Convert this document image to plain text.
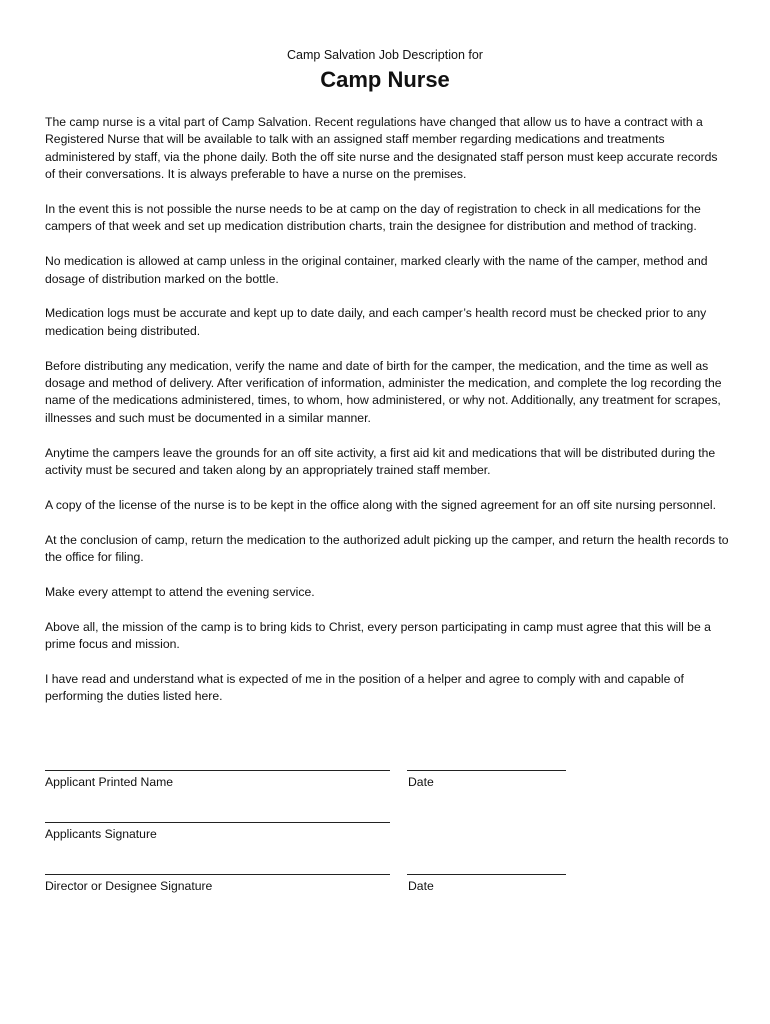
Camp Salvation Job Description for
Camp Nurse

The camp nurse is a vital part of Camp Salvation. Recent regulations have changed that allow us to have a contract with a Registered Nurse that will be available to talk with an assigned staff member regarding medications and treatments administered by staff, via the phone daily. Both the off site nurse and the designated staff person must keep accurate records of their conversations. It is always preferable to have a nurse on the premises.

In the event this is not possible the nurse needs to be at camp on the day of registration to check in all medications for the campers of that week and set up medication distribution charts, train the designee for distribution and method of tracking.

No medication is allowed at camp unless in the original container, marked clearly with the name of the camper, method and dosage of distribution marked on the bottle.

Medication logs must be accurate and kept up to date daily, and each camper’s health record must be checked prior to any medication being distributed.

Before distributing any medication, verify the name and date of birth for the camper, the medication, and the time as well as dosage and method of delivery. After verification of information, administer the medication, and complete the log recording the name of the medications administered, times, to whom, how administered, or why not. Additionally, any treatment for scrapes, illnesses and such must be documented in a similar manner.

Anytime the campers leave the grounds for an off site activity, a first aid kit and medications that will be distributed during the activity must be secured and taken along by an appropriately trained staff member.

A copy of the license of the nurse is to be kept in the office along with the signed agreement for an off site nursing personnel.

At the conclusion of camp, return the medication to the authorized adult picking up the camper, and return the health records to the office for filing.

Make every attempt to attend the evening service.

Above all, the mission of the camp is to bring kids to Christ, every person participating in camp must agree that this will be a prime focus and mission.

I have read and understand what is expected of me in the position of a helper and agree to comply with and capable of performing the duties listed here.

Applicant Printed Name	Date
Applicants Signature
Director or Designee Signature	Date
